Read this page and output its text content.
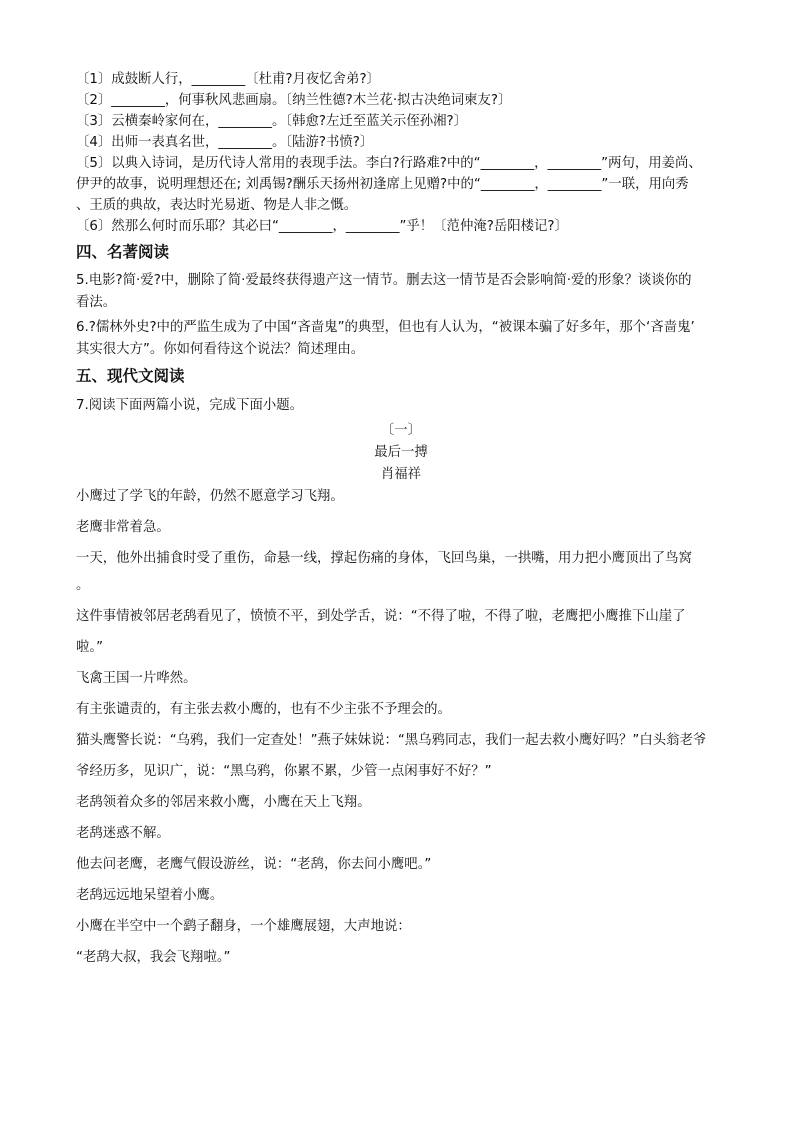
〔1〕成鼓断人行，________〔杜甫?月夜忆舍弟?〕
〔2〕________，何事秋风悲画扇。〔纳兰性德?木兰花·拟古决绝词柬友?〕
〔3〕云横秦岭家何在，________。〔韩愈?左迁至蓝关示侄孙湘?〕
〔4〕出师一表真名世，________。〔陆游?书愤?〕
〔5〕以典入诗词，是历代诗人常用的表现手法。李白?行路难?中的“________，________”两句，用姜尚、
伊尹的故事，说明理想还在; 刘禹锡?酬乐天扬州初逢席上见赠?中的“________，________”一联，用向秀
、王质的典故，表达时光易逝、物是人非之慨。
〔6〕然那么何时而乐耶？其必曰“________，________”乎！〔范仲淹?岳阳楼记?〕
四、名著阅读
5.电影?简·爱?中，删除了简·爱最终获得遗产这一情节。删去这一情节是否会影响简·爱的形象？谈谈你的
看法。
6.?儒林外史?中的严监生成为了中国“吝啬鬼”的典型，但也有人认为，“被课本骗了好多年，那个‘吝啬鬼’
其实很大方”。你如何看待这个说法？简述理由。
五、现代文阅读
7.阅读下面两篇小说，完成下面小题。
〔一〕
最后一搏
肖福祥
小鹰过了学飞的年龄，仍然不愿意学习飞翔。
老鹰非常着急。
一天，他外出捕食时受了重伤，命悬一线，撑起伤痛的身体，飞回鸟巢，一拱嘴，用力把小鹰顶出了鸟窝
。
这件事情被邻居老鸹看见了，愤愤不平，到处学舌，说：“不得了啦，不得了啦，老鹰把小鹰推下山崖了
啦。”
飞禽王国一片哗然。
有主张谴责的，有主张去救小鹰的，也有不少主张不予理会的。
猫头鹰警长说：“乌鸦，我们一定查处！”燕子妹妹说：“黑乌鸦同志，我们一起去救小鹰好吗？”白头翁老爷
爷经历多，见识广，说：“黑乌鸦，你累不累，少管一点闲事好不好？”
老鸹领着众多的邻居来救小鹰，小鹰在天上飞翔。
老鸹迷惑不解。
他去问老鹰，老鹰气假设游丝，说：“老鸹，你去问小鹰吧。”
老鸹远远地呆望着小鹰。
小鹰在半空中一个鹞子翻身，一个雄鹰展翅，大声地说：
“老鸹大叔，我会飞翔啦。”
